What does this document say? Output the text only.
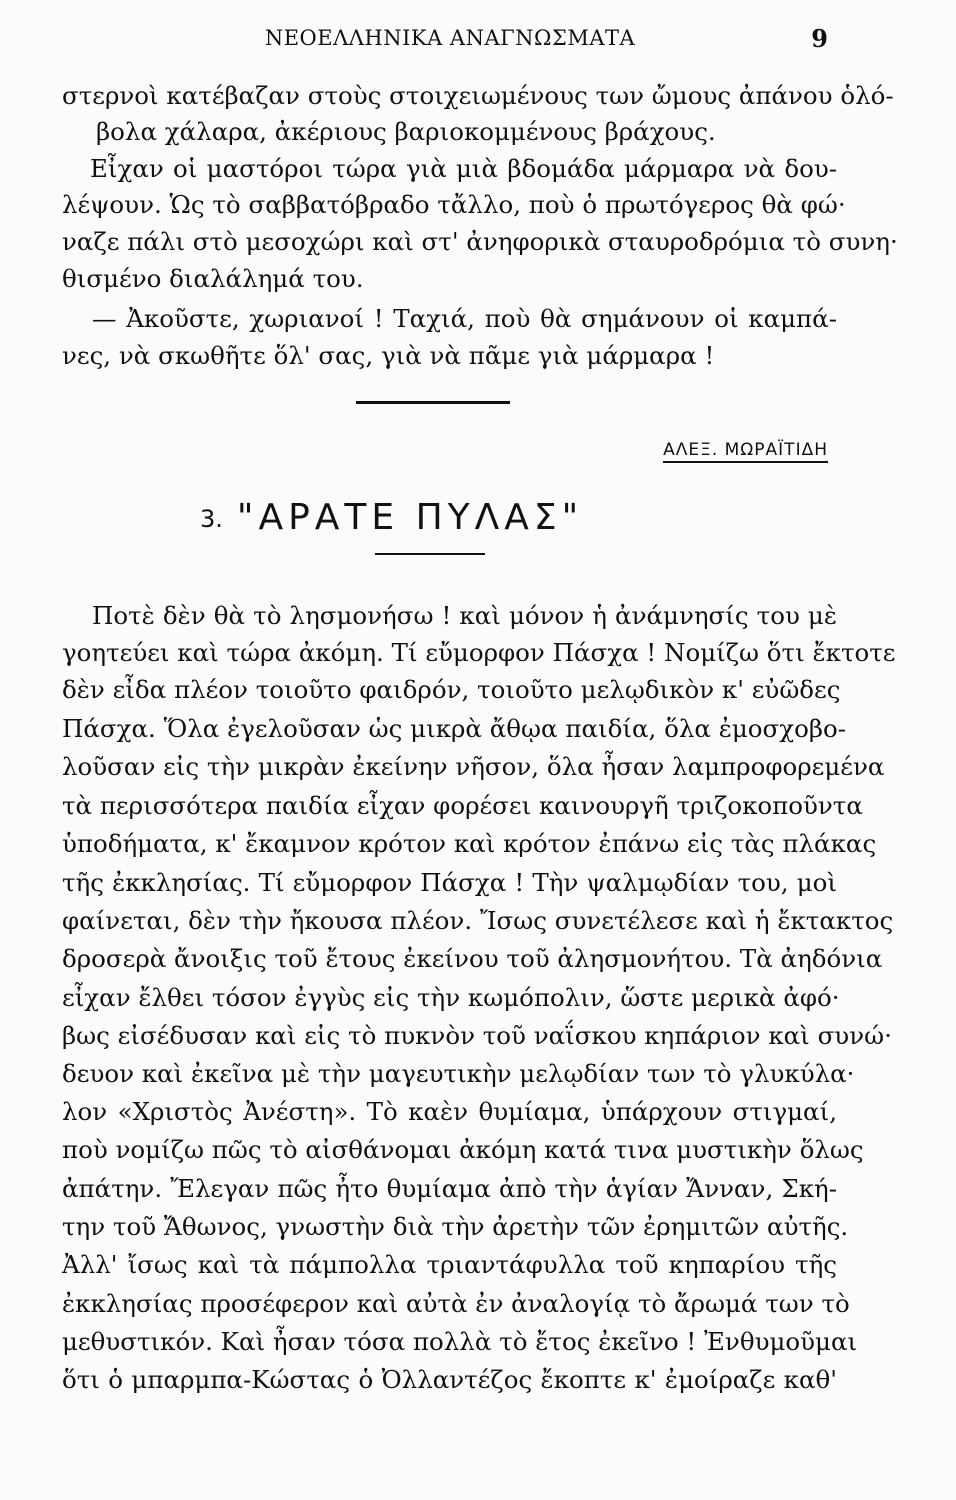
ΝΕΟΕΛΛΗΝΙΚΑ ΑΝΑΓΝΩΣΜΑΤΑ	9
στερνοὶ κατέβαζαν στοὺς στοιχειωμένους των ὤμους ἀπάνου ὁλό-
βολα χάλαρα, ἀκέριους βαριοκομμένους βράχους.
Εἶχαν οἱ μαστόροι τώρα γιὰ μιὰ βδομάδα μάρμαρα νὰ δου-
λέψουν. Ὡς τὸ σαββατόβραδο τἄλλο, ποὺ ὁ πρωτόγερος θὰ φώ·
ναζε πάλι στὸ μεσοχώρι καὶ στ' ἀνηφορικὰ σταυροδρόμια τὸ συνη·
θισμένο διαλάλημά του.
— Ἀκοῦστε, χωριανοί ! Ταχιά, ποὺ θὰ σημάνουν οἱ καμπά-
νες, νὰ σκωθῆτε ὅλ' σας, γιὰ νὰ πᾶμε γιὰ μάρμαρα !
ΑΛΕΞ. ΜΩΡΑΪΤΙΔΗ
3. "ΑΡΑΤΕ ΠΥΛΑΣ"
Ποτὲ δὲν θὰ τὸ λησμονήσω ! καὶ μόνον ἡ ἀνάμνησίς του μὲ
γοητεύει καὶ τώρα ἀκόμη. Τί εὔμορφον Πάσχα ! Νομίζω ὅτι ἔκτοτε
δὲν εἶδα πλέον τοιοῦτο φαιδρόν, τοιοῦτο μελῳδικὸν κ' εὐῶδες
Πάσχα. Ὅλα ἐγελοῦσαν ὡς μικρὰ ἄθῳα παιδία, ὅλα ἐμοσχοβο-
λοῦσαν εἰς τὴν μικρὰν ἐκείνην νῆσον, ὅλα ἦσαν λαμπροφορεμένα
τὰ περισσότερα παιδία εἶχαν φορέσει καινουργῆ τριζοκοποῦντα
ὑποδήματα, κ' ἔκαμνον κρότον καὶ κρότον ἐπάνω εἰς τὰς πλάκας
τῆς ἐκκλησίας. Τί εὔμορφον Πάσχα ! Τὴν ψαλμῳδίαν του, μοὶ
φαίνεται, δὲν τὴν ἤκουσα πλέον. Ἴσως συνετέλεσε καὶ ἡ ἔκτακτος
δροσερὰ ἄνοιξις τοῦ ἔτους ἐκείνου τοῦ ἀλησμονήτου. Τὰ ἀηδόνια
εἶχαν ἔλθει τόσον ἐγγὺς εἰς τὴν κωμόπολιν, ὥστε μερικὰ ἀφό·
βως εἰσέδυσαν καὶ εἰς τὸ πυκνὸν τοῦ ναΐσκου κηπάριον καὶ συνώ·
δευον καὶ ἐκεῖνα μὲ τὴν μαγευτικὴν μελῳδίαν των τὸ γλυκύλα·
λον «Χριστὸς Ἀνέστη». Τὸ καὲν θυμίαμα, ὑπάρχουν στιγμαί,
ποὺ νομίζω πῶς τὸ αἰσθάνομαι ἀκόμη κατά τινα μυστικὴν ὅλως
ἀπάτην. Ἔλεγαν πῶς ἦτο θυμίαμα ἀπὸ τὴν ἁγίαν Ἄνναν, Σκή-
την τοῦ Ἄθωνος, γνωστὴν διὰ τὴν ἀρετὴν τῶν ἐρημιτῶν αὐτῆς.
Ἀλλ' ἴσως καὶ τὰ πάμπολλα τριαντάφυλλα τοῦ κηπαρίου τῆς
ἐκκλησίας προσέφερον καὶ αὐτὰ ἐν ἀναλογίᾳ τὸ ἄρωμά των τὸ
μεθυστικόν. Καὶ ἦσαν τόσα πολλὰ τὸ ἔτος ἐκεῖνο ! Ἐνθυμοῦμαι
ὅτι ὁ μπαρμπα-Κώστας ὁ Ὀλλαντέζος ἔκοπτε κ' ἐμοίραζε καθ'
